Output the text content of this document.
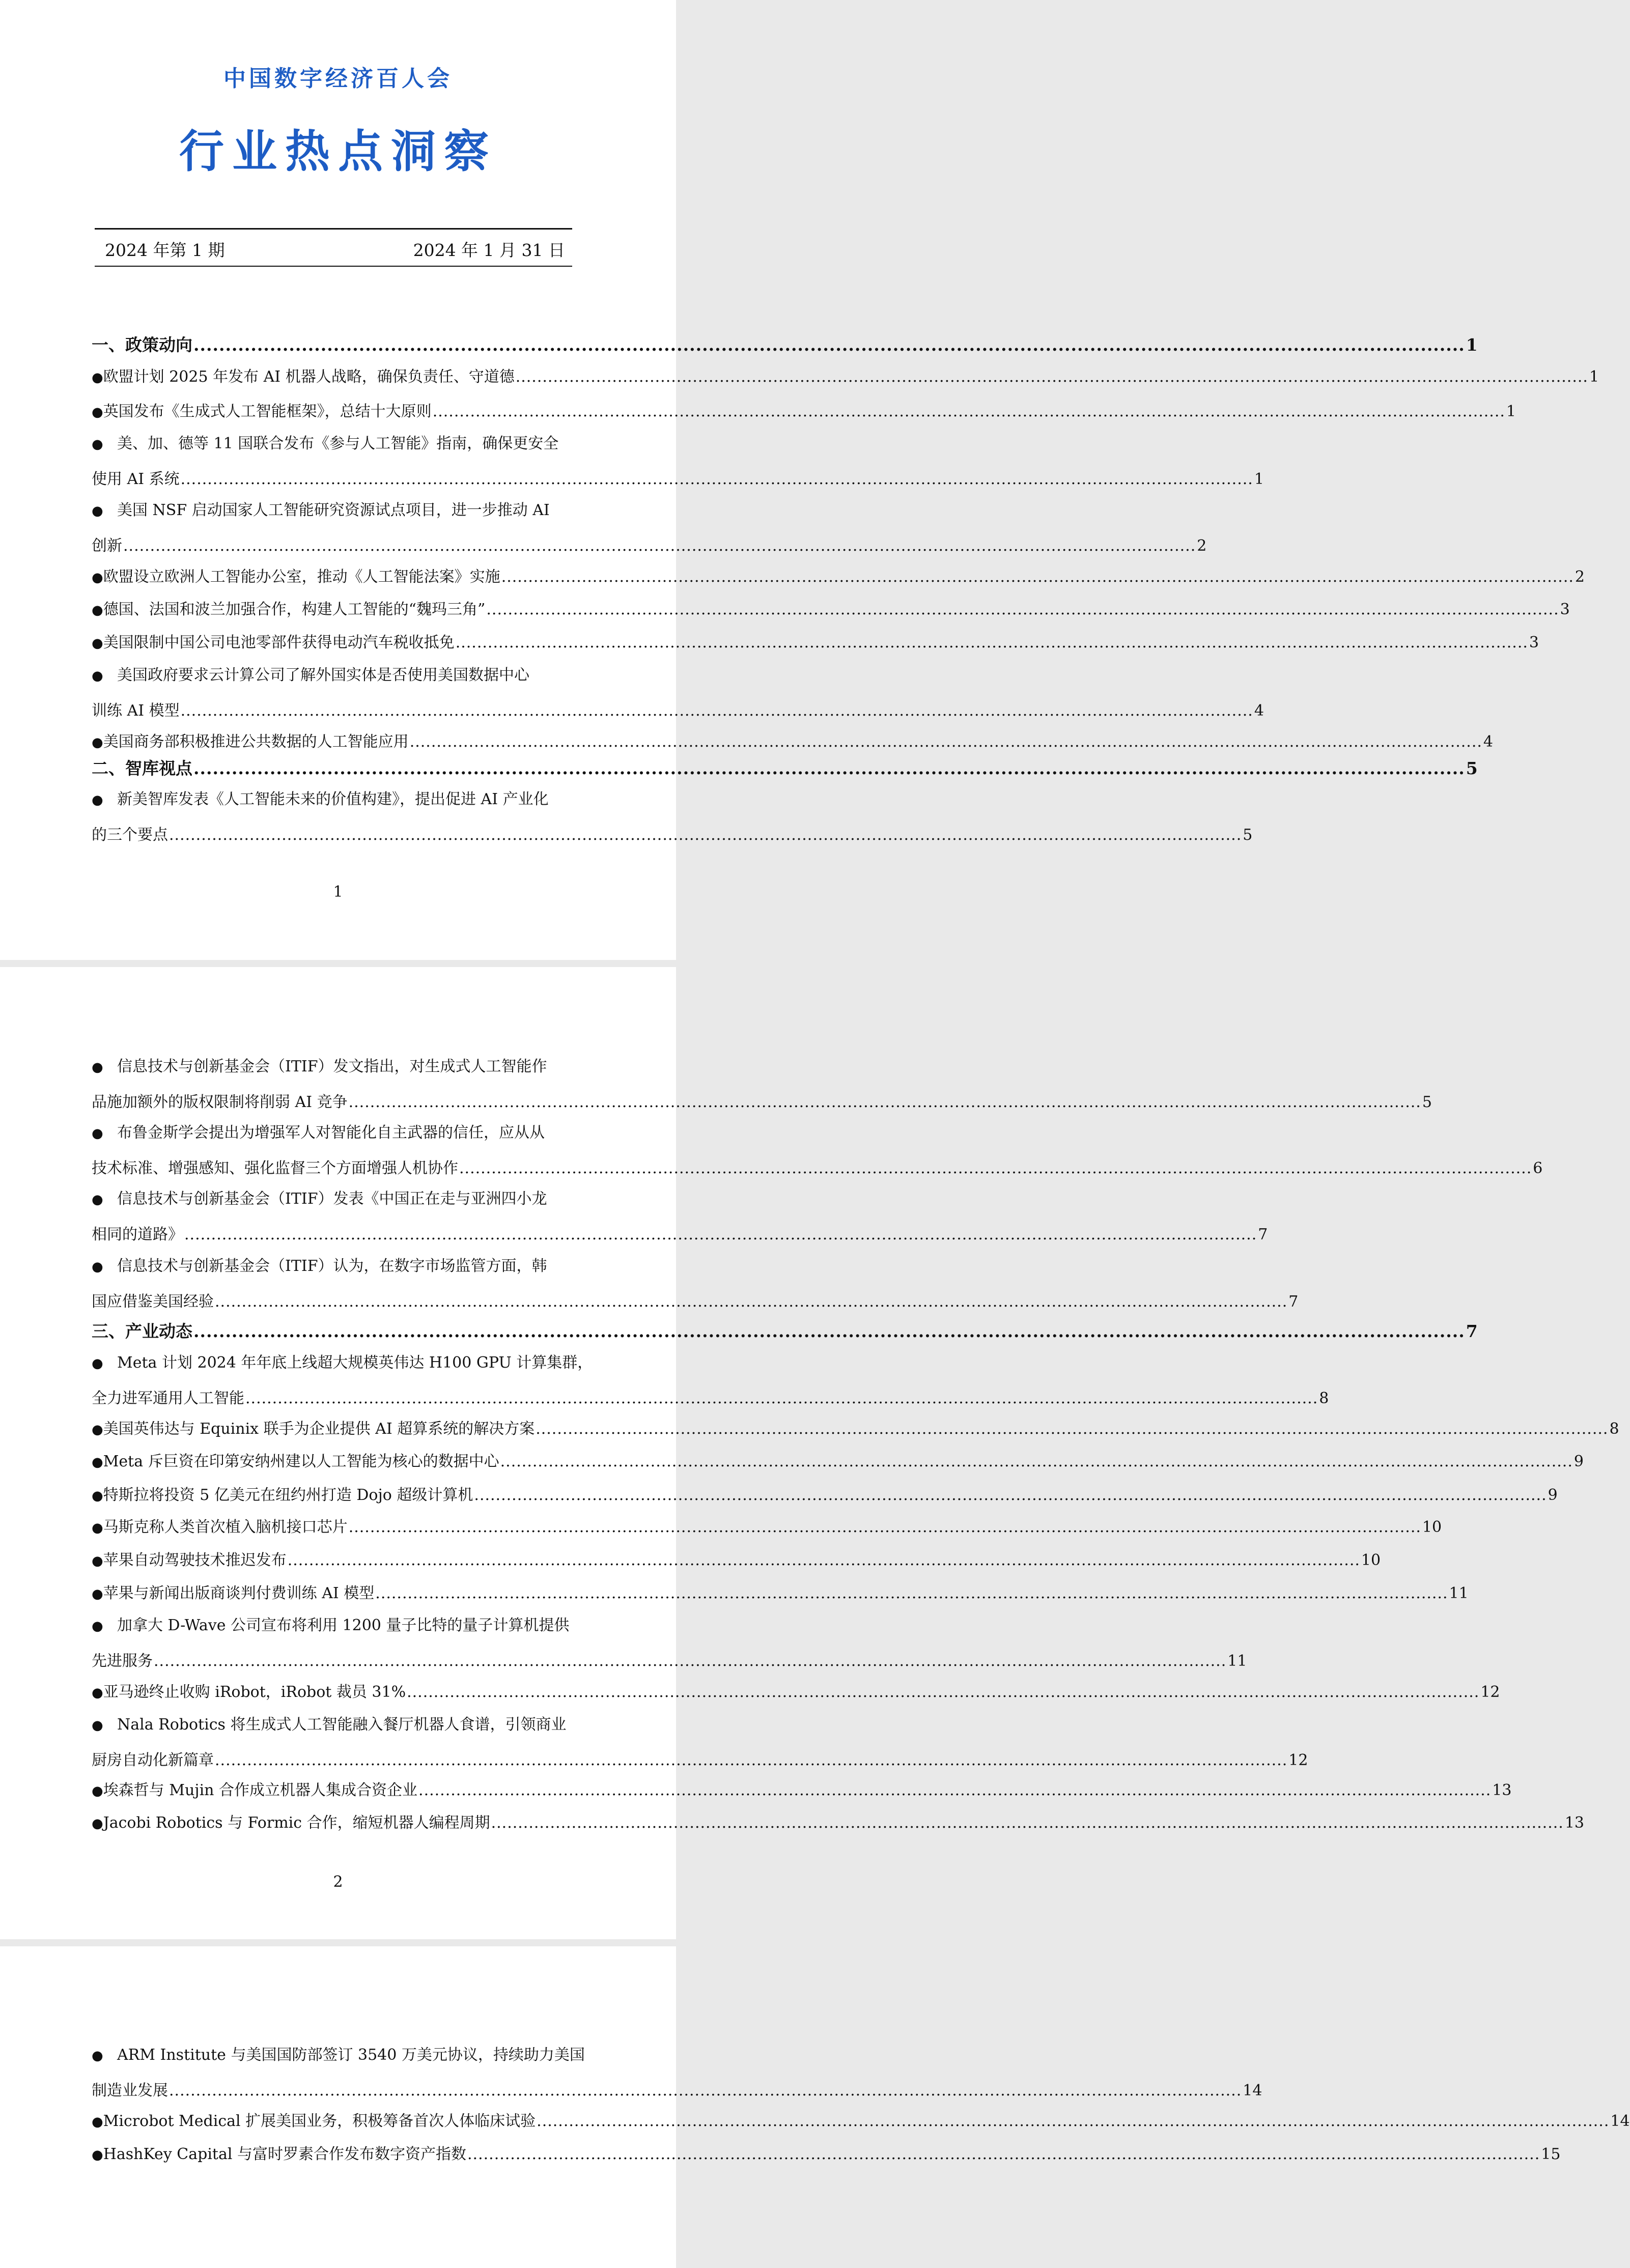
中国数字经济百人会
行业热点洞察
2024 年第 1 期	2024 年 1 月 31 日
一、政策动向 ........................................................................................................................................................................................................ 1
● 欧盟计划 2025 年发布 AI 机器人战略，确保负责任、守道德 ........................................................................................................................................................................................................ 1
● 英国发布《生成式人工智能框架》，总结十大原则 ........................................................................................................................................................................................................ 1
● 美、加、德等 11 国联合发布《参与人工智能》指南，确保更安全
使用 AI 系统 ........................................................................................................................................................................................................ 1
● 美国 NSF 启动国家人工智能研究资源试点项目，进一步推动 AI
创新 ........................................................................................................................................................................................................ 2
● 欧盟设立欧洲人工智能办公室，推动《人工智能法案》实施 ........................................................................................................................................................................................................ 2
● 德国、法国和波兰加强合作，构建人工智能的“魏玛三角” ........................................................................................................................................................................................................ 3
● 美国限制中国公司电池零部件获得电动汽车税收抵免 ........................................................................................................................................................................................................ 3
● 美国政府要求云计算公司了解外国实体是否使用美国数据中心
训练 AI 模型 ........................................................................................................................................................................................................ 4
● 美国商务部积极推进公共数据的人工智能应用 ........................................................................................................................................................................................................ 4
二、智库视点 ........................................................................................................................................................................................................ 5
● 新美智库发表《人工智能未来的价值构建》，提出促进 AI 产业化
的三个要点 ........................................................................................................................................................................................................ 5
1
● 信息技术与创新基金会（ITIF）发文指出，对生成式人工智能作
品施加额外的版权限制将削弱 AI 竞争 ........................................................................................................................................................................................................ 5
● 布鲁金斯学会提出为增强军人对智能化自主武器的信任，应从从
技术标准、增强感知、强化监督三个方面增强人机协作 ........................................................................................................................................................................................................ 6
● 信息技术与创新基金会（ITIF）发表《中国正在走与亚洲四小龙
相同的道路》 ........................................................................................................................................................................................................ 7
● 信息技术与创新基金会（ITIF）认为，在数字市场监管方面，韩
国应借鉴美国经验 ........................................................................................................................................................................................................ 7
三、产业动态 ........................................................................................................................................................................................................ 7
● Meta 计划 2024 年年底上线超大规模英伟达 H100 GPU 计算集群，
全力进军通用人工智能 ........................................................................................................................................................................................................ 8
● 美国英伟达与 Equinix 联手为企业提供 AI 超算系统的解决方案 ........................................................................................................................................................................................................ 8
● Meta 斥巨资在印第安纳州建以人工智能为核心的数据中心 ........................................................................................................................................................................................................ 9
● 特斯拉将投资 5 亿美元在纽约州打造 Dojo 超级计算机 ........................................................................................................................................................................................................ 9
● 马斯克称人类首次植入脑机接口芯片 ........................................................................................................................................................................................................ 10
● 苹果自动驾驶技术推迟发布 ........................................................................................................................................................................................................ 10
● 苹果与新闻出版商谈判付费训练 AI 模型 ........................................................................................................................................................................................................ 11
● 加拿大 D-Wave 公司宣布将利用 1200 量子比特的量子计算机提供
先进服务 ........................................................................................................................................................................................................ 11
● 亚马逊终止收购 iRobot，iRobot 裁员 31% ........................................................................................................................................................................................................ 12
● Nala Robotics 将生成式人工智能融入餐厅机器人食谱，引领商业
厨房自动化新篇章 ........................................................................................................................................................................................................ 12
● 埃森哲与 Mujin 合作成立机器人集成合资企业 ........................................................................................................................................................................................................ 13
● Jacobi Robotics 与 Formic 合作，缩短机器人编程周期 ........................................................................................................................................................................................................ 13
2
● ARM Institute 与美国国防部签订 3540 万美元协议，持续助力美国
制造业发展 ........................................................................................................................................................................................................ 14
● Microbot Medical 扩展美国业务，积极筹备首次人体临床试验 ........................................................................................................................................................................................................ 14
● HashKey Capital 与富时罗素合作发布数字资产指数 ........................................................................................................................................................................................................ 15
